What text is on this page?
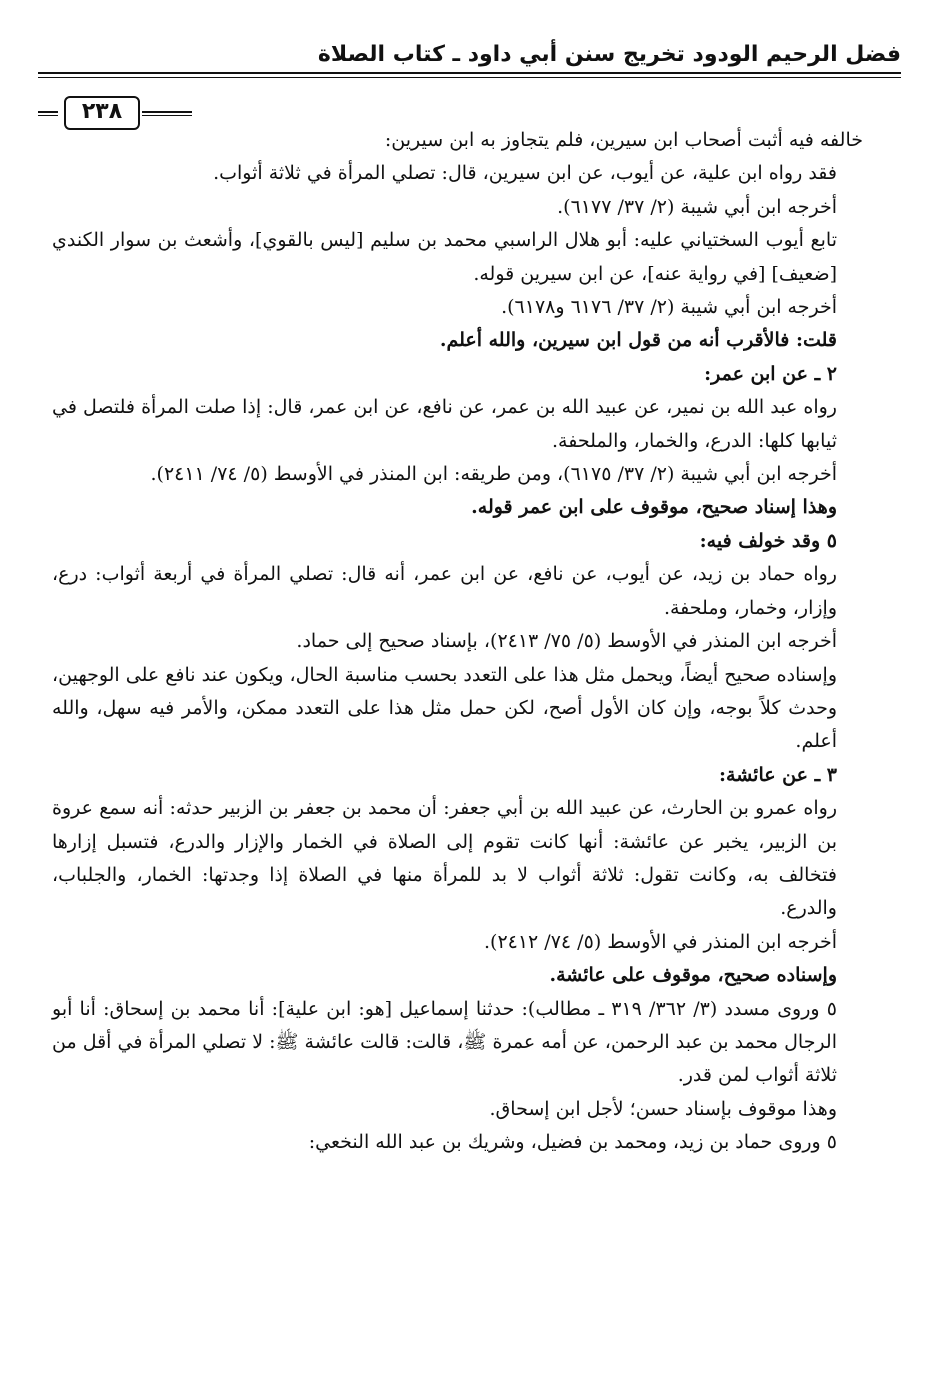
فضل الرحيم الودود تخريج سنن أبي داود ـ كتاب الصلاة
٢٣٨

خالفه فيه أثبت أصحاب ابن سيرين، فلم يتجاوز به ابن سيرين:

فقد رواه ابن علية، عن أيوب، عن ابن سيرين، قال: تصلي المرأة في ثلاثة أثواب.

أخرجه ابن أبي شيبة (٢/ ٣٧/ ٦١٧٧).

تابع أيوب السختياني عليه: أبو هلال الراسبي محمد بن سليم [ليس بالقوي]، وأشعث بن سوار الكندي [ضعيف] [في رواية عنه]، عن ابن سيرين قوله.

أخرجه ابن أبي شيبة (٢/ ٣٧/ ٦١٧٦ و٦١٧٨).

قلت: فالأقرب أنه من قول ابن سيرين، والله أعلم.

٢ ـ عن ابن عمر:

رواه عبد الله بن نمير، عن عبيد الله بن عمر، عن نافع، عن ابن عمر، قال: إذا صلت المرأة فلتصل في ثيابها كلها: الدرع، والخمار، والملحفة.

أخرجه ابن أبي شيبة (٢/ ٣٧/ ٦١٧٥)، ومن طريقه: ابن المنذر في الأوسط (٥/ ٧٤/ ٢٤١١).

وهذا إسناد صحيح، موقوف على ابن عمر قوله.

٥ وقد خولف فيه:

رواه حماد بن زيد، عن أيوب، عن نافع، عن ابن عمر، أنه قال: تصلي المرأة في أربعة أثواب: درع، وإزار، وخمار، وملحفة.

أخرجه ابن المنذر في الأوسط (٥/ ٧٥/ ٢٤١٣)، بإسناد صحيح إلى حماد.

وإسناده صحيح أيضاً، ويحمل مثل هذا على التعدد بحسب مناسبة الحال، ويكون عند نافع على الوجهين، وحدث كلاً بوجه، وإن كان الأول أصح، لكن حمل مثل هذا على التعدد ممكن، والأمر فيه سهل، والله أعلم.

٣ ـ عن عائشة:

رواه عمرو بن الحارث، عن عبيد الله بن أبي جعفر: أن محمد بن جعفر بن الزبير حدثه: أنه سمع عروة بن الزبير، يخبر عن عائشة: أنها كانت تقوم إلى الصلاة في الخمار والإزار والدرع، فتسبل إزارها فتخالف به، وكانت تقول: ثلاثة أثواب لا بد للمرأة منها في الصلاة إذا وجدتها: الخمار، والجلباب، والدرع.

أخرجه ابن المنذر في الأوسط (٥/ ٧٤/ ٢٤١٢).

وإسناده صحيح، موقوف على عائشة.

٥ وروى مسدد (٣/ ٣٦٢/ ٣١٩ ـ مطالب): حدثنا إسماعيل [هو: ابن علية]: أنا محمد بن إسحاق: أنا أبو الرجال محمد بن عبد الرحمن، عن أمه عمرة ﷺ، قالت: قالت عائشة ﷺ: لا تصلي المرأة في أقل من ثلاثة أثواب لمن قدر.

وهذا موقوف بإسناد حسن؛ لأجل ابن إسحاق.

٥ وروى حماد بن زيد، ومحمد بن فضيل، وشريك بن عبد الله النخعي:
